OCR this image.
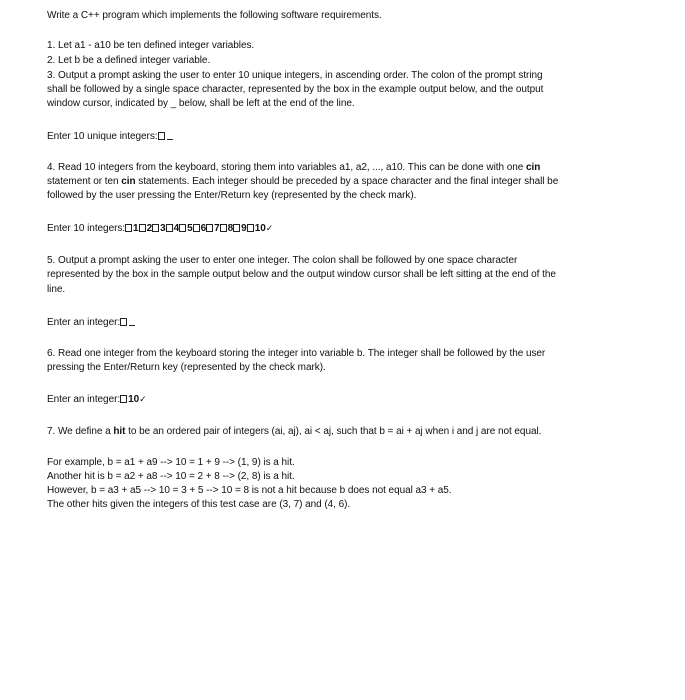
Write a C++ program which implements the following software requirements.
1. Let a1 - a10 be ten defined integer variables.
2. Let b be a defined integer variable.
3. Output a prompt asking the user to enter 10 unique integers, in ascending order. The colon of the prompt string
shall be followed by a single space character, represented by the box in the example output below, and the output
window cursor, indicated by _ below, shall be left at the end of the line.
Enter 10 unique integers:
4. Read 10 integers from the keyboard, storing them into variables a1, a2, ..., a10. This can be done with one cin
statement or ten cin statements. Each integer should be preceded by a space character and the final integer shall be
followed by the user pressing the Enter/Return key (represented by the check mark).
Enter 10 integers: 1 2 3 4 5 6 7 8 9 10✓
5. Output a prompt asking the user to enter one integer. The colon shall be followed by one space character
represented by the box in the sample output below and the output window cursor shall be left sitting at the end of the
line.
Enter an integer:
6. Read one integer from the keyboard storing the integer into variable b. The integer shall be followed by the user
pressing the Enter/Return key (represented by the check mark).
Enter an integer: 10✓
7. We define a hit to be an ordered pair of integers (ai, aj), ai < aj, such that b = ai + aj when i and j are not equal.
For example, b = a1 + a9 --> 10 = 1 + 9 --> (1, 9) is a hit.
Another hit is b = a2 + a8 --> 10 = 2 + 8 --> (2, 8) is a hit.
However, b = a3 + a5 --> 10 = 3 + 5 --> 10 = 8 is not a hit because b does not equal a3 + a5.
The other hits given the integers of this test case are (3, 7) and (4, 6).
